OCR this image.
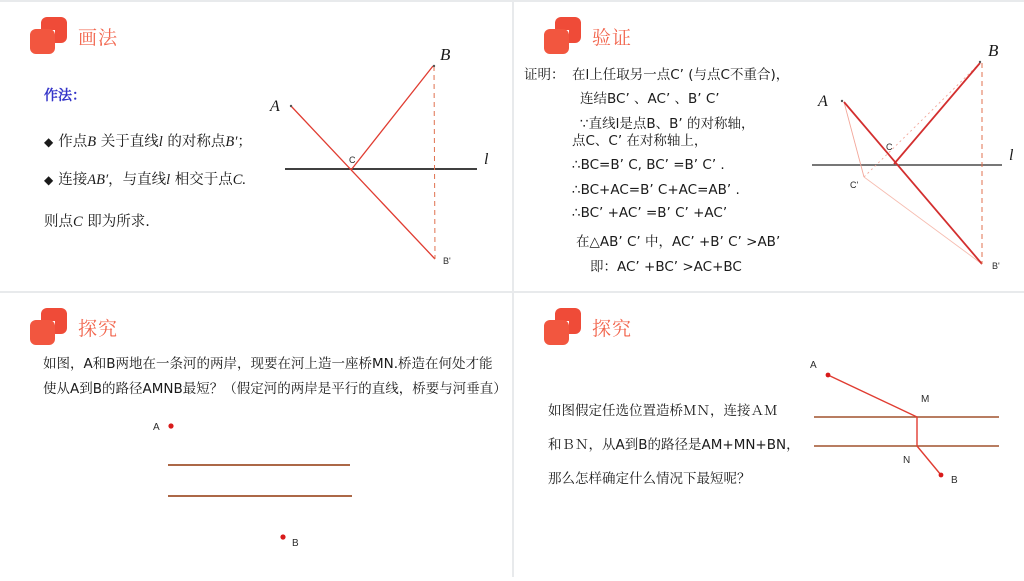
画法
作法：
◆ 作点B 关于直线l 的对称点B′；
◆ 连接AB′，与直线l 相交于点C.
则点C 即为所求.
B
A
C
B'
l
验证
证明： 在l上任取另一点C’ (与点C不重合)，
连结BC’ 、AC’ 、B’ C’
∵直线l是点B、B’ 的对称轴，
点C、C’ 在对称轴上，
∴BC=B’ C, BC’ =B’ C’ .
∴BC+AC=B’ C+AC=AB’ .
∴BC’ +AC’ =B’ C’ +AC’
在△AB’ C’ 中，AC’ +B’ C’ >AB’
即：AC’ +BC’ >AC+BC
B
A
C
C'
B'
l
探究
如图，A和B两地在一条河的两岸，现要在河上造一座桥MN.桥造在何处才能
使从A到B的路径AMNB最短？（假定河的两岸是平行的直线，桥要与河垂直）
A
B
探究
如图假定任选位置造桥ＭＮ，连接ＡＭ
和ＢＮ，从A到B的路径是AM+MN+BN，
那么怎样确定什么情况下最短呢？
A
M
N
B
